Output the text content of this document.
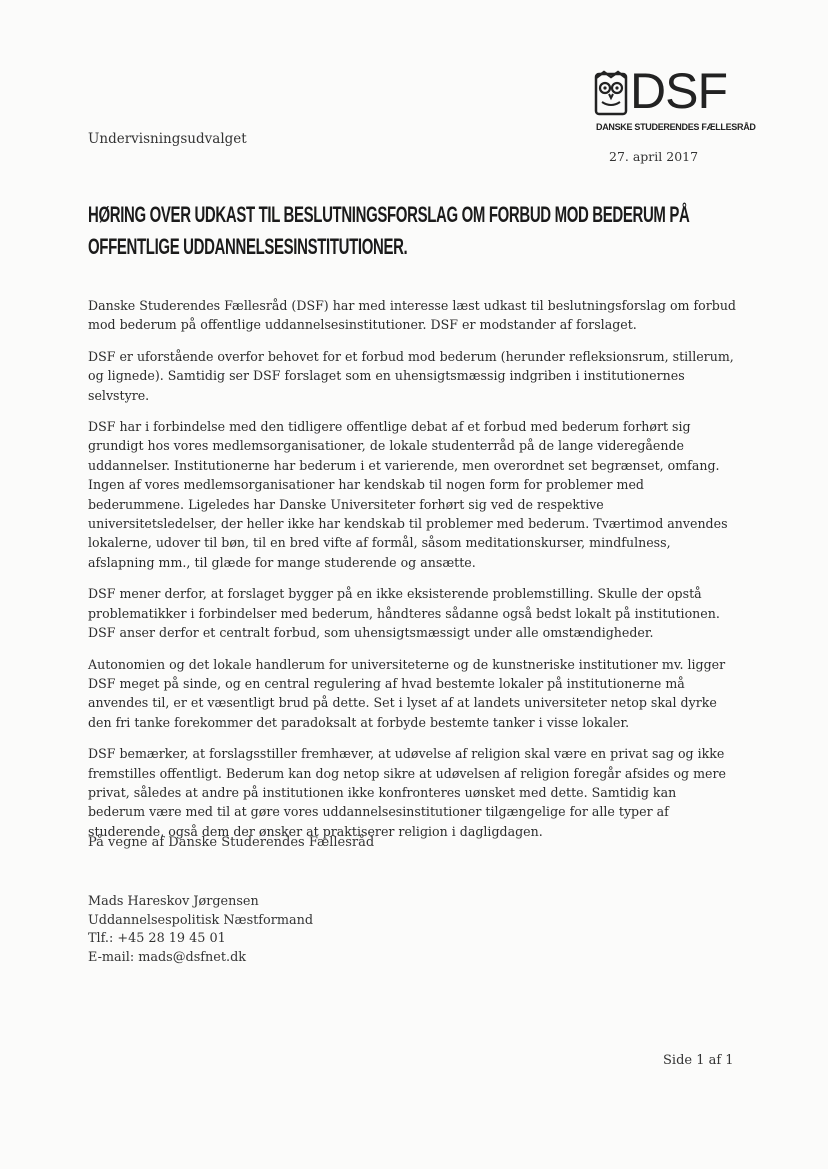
DSF
DANSKE STUDERENDES FÆLLESRÅD
Undervisningsudvalget
27. april 2017
HØRING OVER UDKAST TIL BESLUTNINGSFORSLAG OM FORBUD MOD BEDERUM PÅ OFFENTLIGE UDDANNELSESINSTITUTIONER.

Danske Studerendes Fællesråd (DSF) har med interesse læst udkast til beslutningsforslag om forbud mod bederum på offentlige uddannelsesinstitutioner. DSF er modstander af forslaget.

DSF er uforstående overfor behovet for et forbud mod bederum (herunder refleksionsrum, stillerum, og lignede). Samtidig ser DSF forslaget som en uhensigtsmæssig indgriben i institutionernes selvstyre.

DSF har i forbindelse med den tidligere offentlige debat af et forbud med bederum forhørt sig grundigt hos vores medlemsorganisationer, de lokale studenterråd på de lange videregående uddannelser. Institutionerne har bederum i et varierende, men overordnet set begrænset, omfang. Ingen af vores medlemsorganisationer har kendskab til nogen form for problemer med bederummene. Ligeledes har Danske Universiteter forhørt sig ved de respektive universitetsledelser, der heller ikke har kendskab til problemer med bederum. Tværtimod anvendes lokalerne, udover til bøn, til en bred vifte af formål, såsom meditationskurser, mindfulness, afslapning mm., til glæde for mange studerende og ansætte.

DSF mener derfor, at forslaget bygger på en ikke eksisterende problemstilling. Skulle der opstå problematikker i forbindelser med bederum, håndteres sådanne også bedst lokalt på institutionen. DSF anser derfor et centralt forbud, som uhensigtsmæssigt under alle omstændigheder.

Autonomien og det lokale handlerum for universiteterne og de kunstneriske institutioner mv. ligger DSF meget på sinde, og en central regulering af hvad bestemte lokaler på institutionerne må anvendes til, er et væsentligt brud på dette. Set i lyset af at landets universiteter netop skal dyrke den fri tanke forekommer det paradoksalt at forbyde bestemte tanker i visse lokaler.

DSF bemærker, at forslagsstiller fremhæver, at udøvelse af religion skal være en privat sag og ikke fremstilles offentligt. Bederum kan dog netop sikre at udøvelsen af religion foregår afsides og mere privat, således at andre på institutionen ikke konfronteres uønsket med dette. Samtidig kan bederum være med til at gøre vores uddannelsesinstitutioner tilgængelige for alle typer af studerende, også dem der ønsker at praktiserer religion i dagligdagen.

På vegne af Danske Studerendes Fællesråd
Mads Hareskov Jørgensen
Uddannelsespolitisk Næstformand
Tlf.: +45 28 19 45 01
E-mail: mads@dsfnet.dk
Side 1 af 1
